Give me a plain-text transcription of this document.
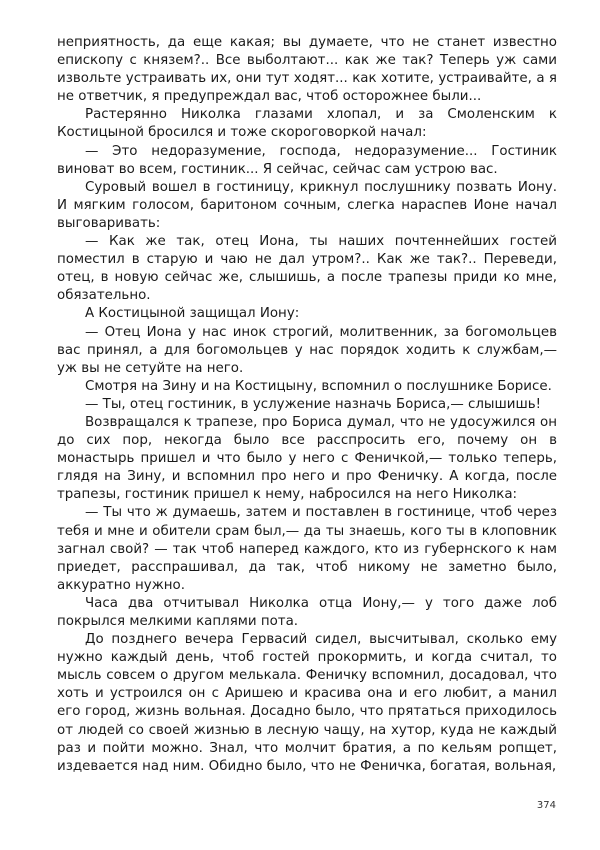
неприятность, да еще какая; вы думаете, что не станет известно епископу с князем?.. Все выболтают... как же так? Теперь уж сами извольте устраивать их, они тут ходят... как хотите, устраивайте, а я не ответчик, я предупреждал вас, чтоб осторожнее были...

Растерянно Николка глазами хлопал, и за Смоленским к Костицыной бросился и тоже скороговоркой начал:

— Это недоразумение, господа, недоразумение... Гостиник виноват во всем, гостиник... Я сейчас, сейчас сам устрою вас.

Суровый вошел в гостиницу, крикнул послушнику позвать Иону. И мягким голосом, баритоном сочным, слегка нараспев Ионе начал выговаривать:

— Как же так, отец Иона, ты наших почтеннейших гостей поместил в старую и чаю не дал утром?.. Как же так?.. Переведи, отец, в новую сейчас же, слышишь, а после трапезы приди ко мне, обязательно.

А Костицыной защищал Иону:

— Отец Иона у нас инок строгий, молитвенник, за богомольцев вас принял, а для богомольцев у нас порядок ходить к службам,— уж вы не сетуйте на него.

Смотря на Зину и на Костицыну, вспомнил о послушнике Борисе.

— Ты, отец гостиник, в услужение назначь Бориса,— слышишь!

Возвращался к трапезе, про Бориса думал, что не удосужился он до сих пор, некогда было все расспросить его, почему он в монастырь пришел и что было у него с Феничкой,— только теперь, глядя на Зину, и вспомнил про него и про Феничку. А когда, после трапезы, гостиник пришел к нему, набросился на него Николка:

— Ты что ж думаешь, затем и поставлен в гостинице, чтоб через тебя и мне и обители срам был,— да ты знаешь, кого ты в клоповник загнал свой? — так чтоб наперед каждого, кто из губернского к нам приедет, расспрашивал, да так, чтоб никому не заметно было, аккуратно нужно.

Часа два отчитывал Николка отца Иону,— у того даже лоб покрылся мелкими каплями пота.

До позднего вечера Гервасий сидел, высчитывал, сколько ему нужно каждый день, чтоб гостей прокормить, и когда считал, то мысль совсем о другом мелькала. Феничку вспомнил, досадовал, что хоть и устроился он с Аришею и красива она и его любит, а манил его город, жизнь вольная. Досадно было, что прятаться приходилось от людей со своей жизнью в лесную чащу, на хутор, куда не каждый раз и пойти можно. Знал, что молчит братия, а по кельям ропщет, издевается над ним. Обидно было, что не Феничка, богатая, вольная,

374
